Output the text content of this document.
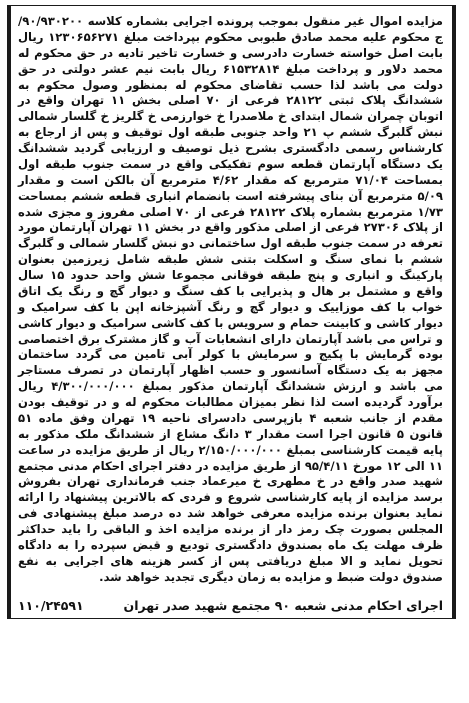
مزایده اموال غیر منقول بموجب پرونده اجرایی بشماره کلاسه ۹۰/۹۳۰۲۰۰/ج محکوم علیه محمد صادق طبوبی محکوم بپرداخت مبلغ ۱۲۳۰۶۵۶۲۷۱ ریال بابت اصل خواسته خسارت دادرسی و خسارت تاخیر تادیه در حق محکوم له محمد دلاور و پرداخت مبلغ ۶۱۵۳۲۸۱۴ ریال بابت نیم عشر دولتی در حق دولت می باشد لذا حسب تقاضای محکوم له بمنظور وصول محکوم به ششدانگ پلاک ثبتی ۲۸۱۲۲ فرعی از ۷۰ اصلی بخش ۱۱ تهران واقع در اتوبان چمران شمال ابتدای خ ملاصدرا خ خوارزمی خ گلریز خ گلسار شمالی نبش گلبرگ ششم پ ۲۱ واحد جنوبی طبقه اول توقیف و پس از ارجاع به کارشناس رسمی دادگستری بشرح ذیل توصیف و ارزیابی گردید ششدانگ یک دستگاه آپارتمان قطعه سوم تفکیکی واقع در سمت جنوب طبقه اول بمساحت ۷۱/۰۴ مترمربع که مقدار ۴/۶۲ مترمربع آن بالکن است و مقدار ۵/۰۹ مترمربع آن بنای پیشرفته است بانضمام انباری قطعه ششم بمساحت ۱/۷۳ مترمربع بشماره پلاک ۲۸۱۲۲ فرعی از ۷۰ اصلی مفروز و مجزی شده از پلاک ۲۷۳۰۶ فرعی از اصلی مذکور واقع در بخش ۱۱ تهران آپارتمان مورد تعرفه در سمت جنوب طبقه اول ساختمانی دو نبش گلسار شمالی و گلبرگ ششم با نمای سنگ و اسکلت بتنی شش طبقه شامل زیرزمین بعنوان پارکینگ و انباری و پنج طبقه فوقانی مجموعا شش واحد حدود ۱۵ سال واقع و مشتمل بر هال و پذیرایی با کف سنگ و دیوار گچ و رنگ یک اتاق خواب با کف موزاییک و دیوار گچ و رنگ آشپزخانه اپن با کف سرامیک و دیوار کاشی و کابینت حمام و سرویس با کف کاشی سرامیک و دیوار کاشی و تراس می باشد آپارتمان دارای انشعابات آب و گاز مشترک برق اختصاصی بوده گرمایش با پکیج و سرمایش با کولر آبی تامین می گردد ساختمان مجهز به یک دستگاه آسانسور و حسب اظهار آپارتمان در تصرف مستاجر می باشد و ارزش ششدانگ آپارتمان مذکور بمبلغ ۴/۳۰۰/۰۰۰/۰۰۰ ریال برآورد گردیده است لذا نظر بمیزان مطالبات محکوم له و در توقیف بودن مقدم از جانب شعبه ۴ بازپرسی دادسرای ناحیه ۱۹ تهران وفق ماده ۵۱ قانون ۵ قانون اجرا است مقدار ۳ دانگ مشاع از ششدانگ ملک مذکور به پایه قیمت کارشناسی بمبلغ ۲/۱۵۰/۰۰۰/۰۰۰ ریال از طریق مزایده در ساعت ۱۱ الی ۱۲ مورخ ۹۵/۴/۱۱ از طریق مزایده در دفتر اجرای احکام مدنی مجتمع شهید صدر واقع در خ مطهری خ میرعماد جنب فرمانداری تهران بفروش برسد مزایده از پایه کارشناسی شروع و فردی که بالاترین پیشنهاد را ارائه نماید بعنوان برنده مزایده معرفی خواهد شد ده درصد مبلغ پیشنهادی فی المجلس بصورت چک رمز دار از برنده مزایده اخذ و الباقی را باید حداکثر ظرف مهلت یک ماه بصندوق دادگستری تودیع و قبض سپرده را به دادگاه تحویل نماید و الا مبلغ دریافتی پس از کسر هزینه های اجرایی به نفع صندوق دولت ضبط و مزایده به زمان دیگری تجدید خواهد شد.

اجرای احکام مدنی شعبه ۹۰ مجتمع شهید صدر تهران
۱۱۰/۲۴۵۹۱
